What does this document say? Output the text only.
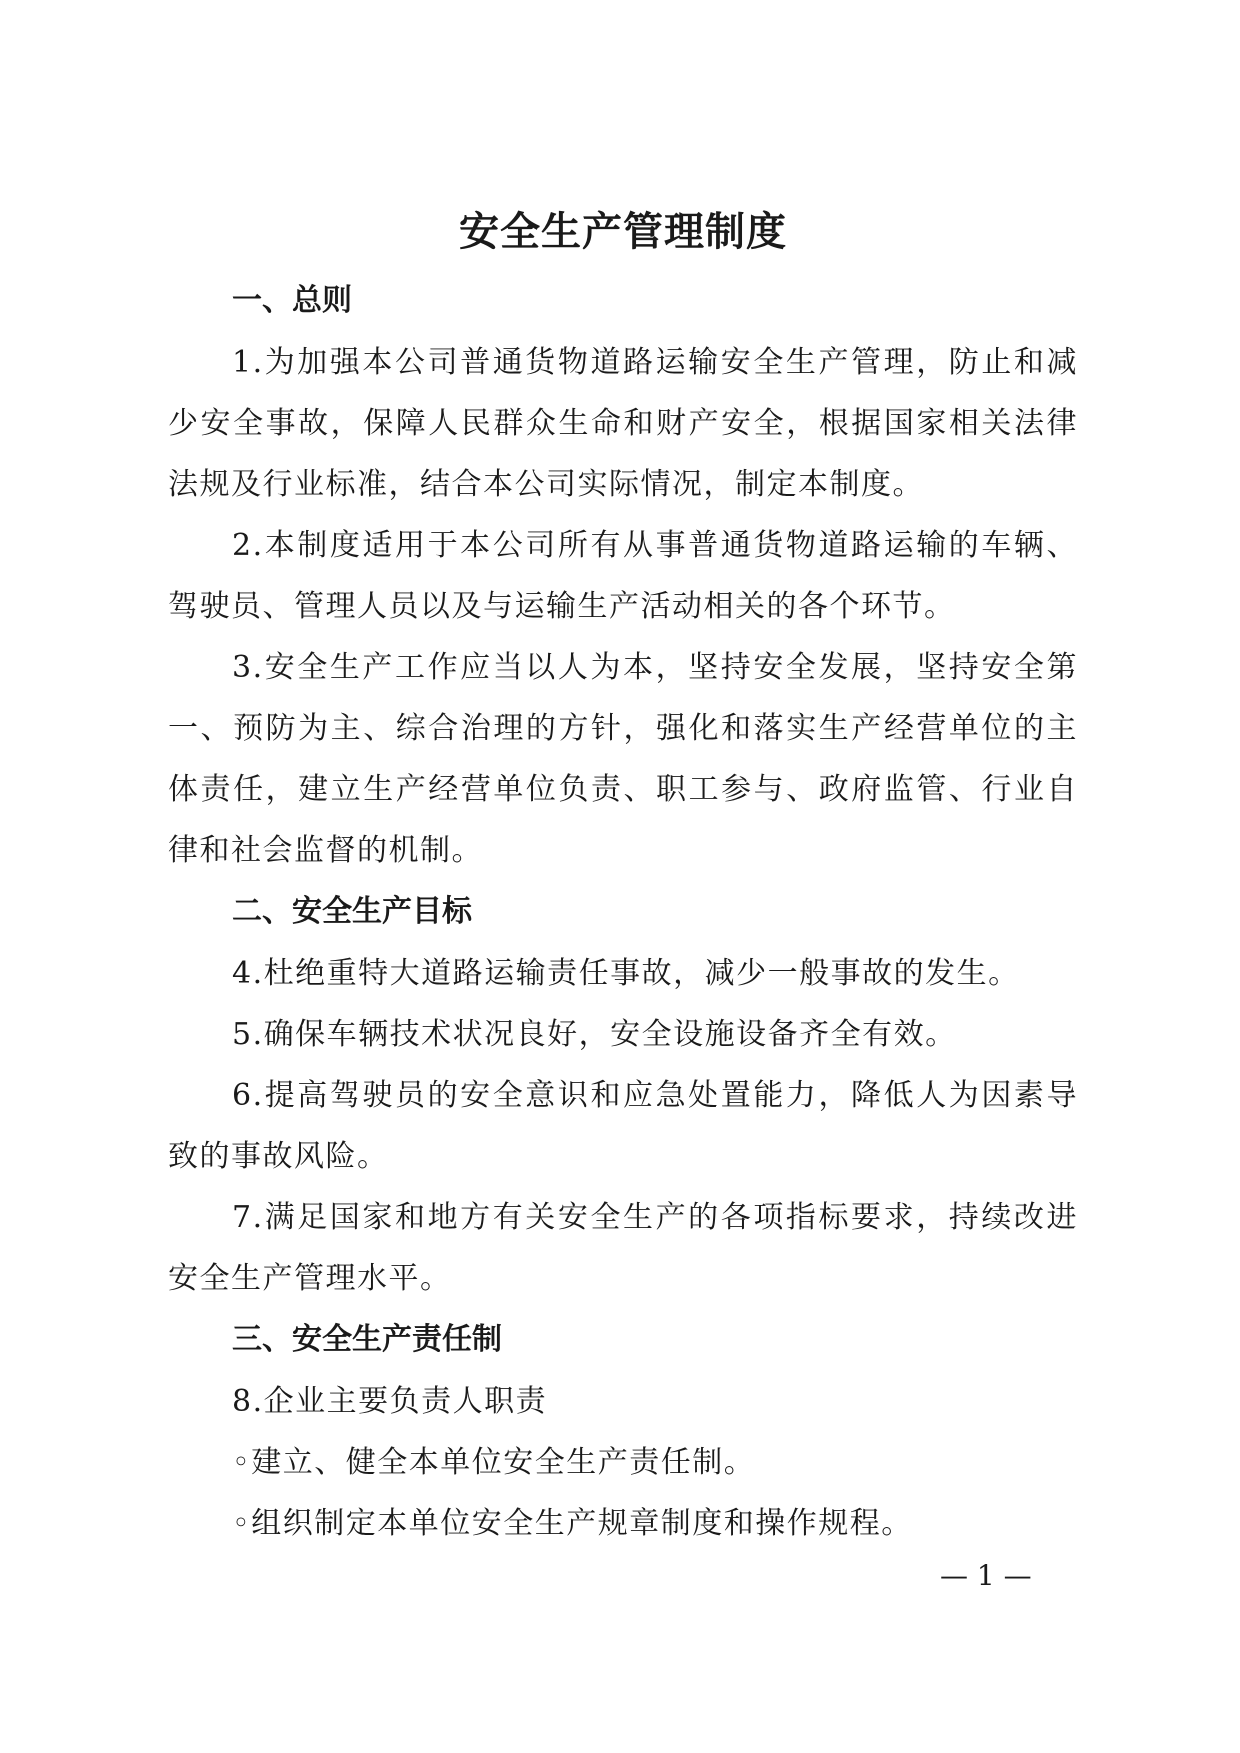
安全生产管理制度
一、总则

1.为加强本公司普通货物道路运输安全生产管理，防止和减少安全事故，保障人民群众生命和财产安全，根据国家相关法律法规及行业标准，结合本公司实际情况，制定本制度。

2.本制度适用于本公司所有从事普通货物道路运输的车辆、驾驶员、管理人员以及与运输生产活动相关的各个环节。

3.安全生产工作应当以人为本，坚持安全发展，坚持安全第一、预防为主、综合治理的方针，强化和落实生产经营单位的主体责任，建立生产经营单位负责、职工参与、政府监管、行业自律和社会监督的机制。

二、安全生产目标

4.杜绝重特大道路运输责任事故，减少一般事故的发生。

5.确保车辆技术状况良好，安全设施设备齐全有效。

6.提高驾驶员的安全意识和应急处置能力，降低人为因素导致的事故风险。

7.满足国家和地方有关安全生产的各项指标要求，持续改进安全生产管理水平。

三、安全生产责任制

8.企业主要负责人职责

◦建立、健全本单位安全生产责任制。

◦组织制定本单位安全生产规章制度和操作规程。

— 1 —
